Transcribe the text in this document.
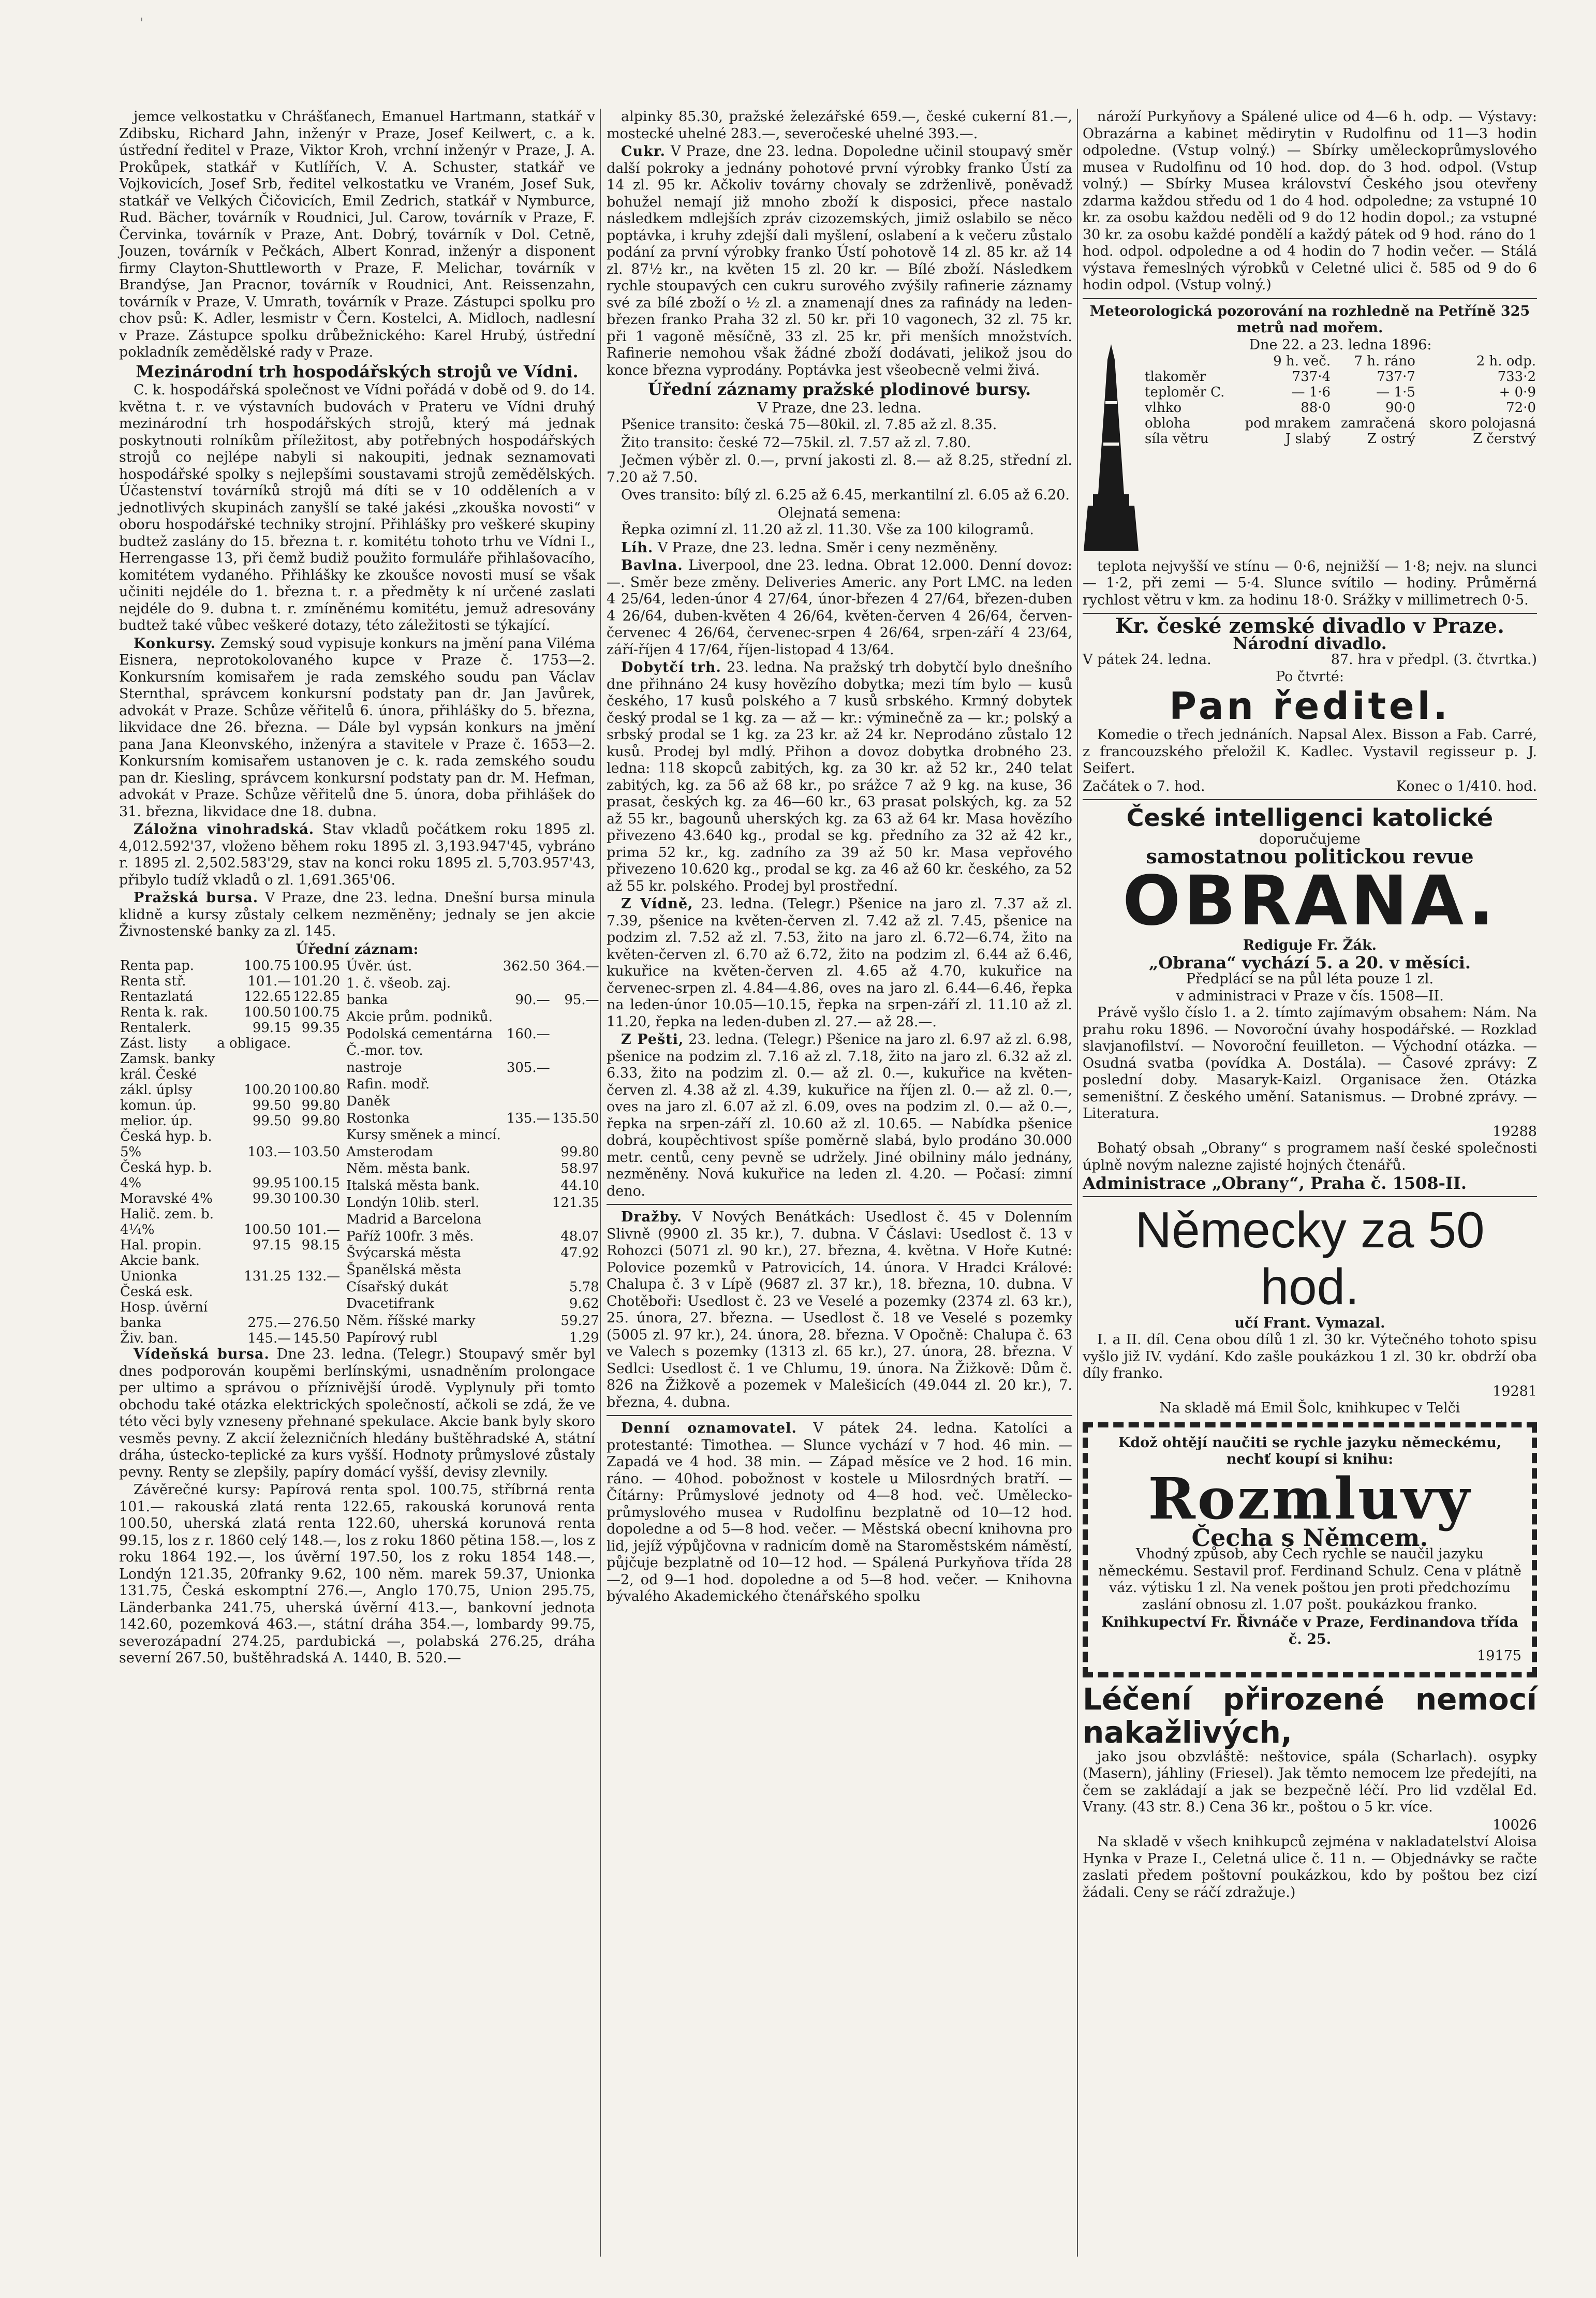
'

jemce velkostatku v Chrášťanech, Emanuel Hartmann, statkář v Zdibsku, Richard Jahn, inženýr v Praze, Josef Keilwert, c. a k. ústřední ředitel v Praze, Viktor Kroh, vrchní inženýr v Praze, J. A. Prokůpek, statkář v Kutlířích, V. A. Schuster, statkář ve Vojkovicích, Josef Srb, ředitel velkostatku ve Vraném, Josef Suk, statkář ve Velkých Čičovicích, Emil Zedrich, statkář v Nymburce, Rud. Bächer, továrník v Roudnici, Jul. Carow, továrník v Praze, F. Červinka, továrník v Praze, Ant. Dobrý, továrník v Dol. Cetně, Jouzen, továrník v Pečkách, Albert Konrad, inženýr a disponent firmy Clayton-Shuttleworth v Praze, F. Melichar, továrník v Brandýse, Jan Pracnor, továrník v Roudnici, Ant. Reissenzahn, továrník v Praze, V. Umrath, továrník v Praze. Zástupci spolku pro chov psů: K. Adler, lesmistr v Čern. Kostelci, A. Midloch, nadlesní v Praze. Zástupce spolku drůbežnického: Karel Hrubý, ústřední pokladník zemědělské rady v Praze.

Mezinárodní trh hospodářských strojů ve Vídni.

C. k. hospodářská společnost ve Vídni pořádá v době od 9. do 14. května t. r. ve výstavních budovách v Prateru ve Vídni druhý mezinárodní trh hospodářských strojů, který má jednak poskytnouti rolníkům příležitost, aby potřebných hospodářských strojů co nejlépe nabyli si nakoupiti, jednak seznamovati hospodářské spolky s nejlepšími soustavami strojů zemědělských. Účastenství továrníků strojů má díti se v 10 odděleních a v jednotlivých skupinách zanyšlí se také jakési „zkouška novosti“ v oboru hospodářské techniky strojní. Přihlášky pro veškeré skupiny budtež zaslány do 15. března t. r. komitétu tohoto trhu ve Vídni I., Herrengasse 13, při čemž budiž použito formuláře přihlašovacího, komitétem vydaného. Přihlášky ke zkoušce novosti musí se však učiniti nejdéle do 1. března t. r. a předměty k ní určené zaslati nejdéle do 9. dubna t. r. zmíněnému komitétu, jemuž adresovány budtež také vůbec veškeré dotazy, této záležitosti se týkající.

Konkursy. Zemský soud vypisuje konkurs na jmění pana Viléma Eisnera, neprotokolovaného kupce v Praze č. 1753—2. Konkursním komisařem je rada zemského soudu pan Václav Sternthal, správcem konkursní podstaty pan dr. Jan Javůrek, advokát v Praze. Schůze věřitelů 6. února, přihlášky do 5. března, likvidace dne 26. března. — Dále byl vypsán konkurs na jmění pana Jana Kleonvského, inženýra a stavitele v Praze č. 1653—2. Konkursním komisařem ustanoven je c. k. rada zemského soudu pan dr. Kiesling, správcem konkursní podstaty pan dr. M. Hefman, advokát v Praze. Schůze věřitelů dne 5. února, doba přihlášek do 31. března, likvidace dne 18. dubna.

Záložna vinohradská. Stav vkladů počátkem roku 1895 zl. 4,012.592'37, vloženo během roku 1895 zl. 3,193.947'45, vybráno r. 1895 zl. 2,502.583'29, stav na konci roku 1895 zl. 5,703.957'43, přibylo tudíž vkladů o zl. 1,691.365'06.

Pražská bursa. V Praze, dne 23. ledna. Dnešní bursa minula klidně a kursy zůstaly celkem nezměněny; jednaly se jen akcie Živnostenské banky za zl. 145.

Úřední záznam:
Renta pap.	100.75	100.95
Renta stř.	101.—	101.20
Rentazlatá	122.65	122.85
Renta k. rak.	100.50	100.75
Rentalerk.	99.15	99.35
Zást. listy	a obligace.	
Zamsk. banky		
král. České		
zákl. úplsy	100.20	100.80
komun. úp.	99.50	99.80
melior. úp.	99.50	99.80
Česká hyp. b.		
5%	103.—	103.50
Česká hyp. b.		
4%	99.95	100.15
Moravské 4%	99.30	100.30
Halič. zem. b.		
4¼%	100.50	101.—
Hal. propin.	97.15	98.15
Akcie bank.		
Unionka	131.25	132.—
Česká esk.		
Hosp. úvěrní		
banka	275.—	276.50
Živ. ban.	145.—	145.50
Úvěr. úst.	362.50	364.—
1. č. všeob. zaj.		
banka	90.—	95.—
Akcie prům. podniků.		
Podolská cementárna	160.—	
Č.-mor. tov.		
nastroje	305.—	
Rafin. modř.		
Daněk		
Rostonka	135.—	135.50
Kursy směnek a mincí.		
Amsterodam		99.80
Něm. města bank.		58.97
Italská města bank.		44.10
Londýn 10lib. sterl.		121.35
Madrid a Barcelona		
Paříž 100fr. 3 měs.		48.07
Švýcarská města		47.92
Španělská města		
Císařský dukát		5.78
Dvacetifrank		9.62
Něm. říšské marky		59.27
Papírový rubl		1.29

Vídeňská bursa. Dne 23. ledna. (Telegr.) Stoupavý směr byl dnes podporován koupěmi berlínskými, usnadněním prolongace per ultimo a správou o příznivější úrodě. Vyplynuly při tomto obchodu také otázka elektrických společností, ačkoli se zdá, že ve této věci byly vzneseny přehnané spekulace. Akcie bank byly skoro vesměs pevny. Z akcií železničních hledány buštěhradské A, státní dráha, ústecko-teplické za kurs vyšší. Hodnoty průmyslové zůstaly pevny. Renty se zlepšily, papíry domácí vyšší, devisy zlevnily.

Závěrečné kursy: Papírová renta spol. 100.75, stříbrná renta 101.— rakouská zlatá renta 122.65, rakouská korunová renta 100.50, uherská zlatá renta 122.60, uherská korunová renta 99.15, los z r. 1860 celý 148.—, los z roku 1860 pětina 158.—, los z roku 1864 192.—, los úvěrní 197.50, los z roku 1854 148.—, Londýn 121.35, 20franky 9.62, 100 něm. marek 59.37, Unionka 131.75, Česká eskomptní 276.—, Anglo 170.75, Union 295.75, Länderbanka 241.75, uherská úvěrní 413.—, bankovní jednota 142.60, pozemková 463.—, státní dráha 354.—, lombardy 99.75, severozápadní 274.25, pardubická —, polabská 276.25, dráha severní 267.50, buštěhradská A. 1440, B. 520.—

alpinky 85.30, pražské železářské 659.—, české cukerní 81.—, mostecké uhelné 283.—, severočeské uhelné 393.—.

Cukr. V Praze, dne 23. ledna. Dopoledne učinil stoupavý směr další pokroky a jednány pohotové první výrobky franko Ústí za 14 zl. 95 kr. Ačkoliv továrny chovaly se zdrženlivě, poněvadž bohužel nemají již mnoho zboží k disposici, přece nastalo následkem mdlejších zpráv cizozemských, jimiž oslabilo se něco poptávka, i kruhy zdejší dali myšlení, oslabení a k večeru zůstalo podání za první výrobky franko Ústí pohotově 14 zl. 85 kr. až 14 zl. 87½ kr., na květen 15 zl. 20 kr. — Bílé zboží. Následkem rychle stoupavých cen cukru surového zvýšily rafinerie záznamy své za bílé zboží o ½ zl. a znamenají dnes za rafinády na leden-březen franko Praha 32 zl. 50 kr. při 10 vagonech, 32 zl. 75 kr. při 1 vagoně měsíčně, 33 zl. 25 kr. při menších množstvích. Rafinerie nemohou však žádné zboží dodávati, jelikož jsou do konce března vyprodány. Poptávka jest všeobecně velmi živá.

Úřední záznamy pražské plodinové bursy.
V Praze, dne 23. ledna.

Pšenice transito: česká 75—80kil. zl. 7.85 až zl. 8.35.

Žito transito: české 72—75kil. zl. 7.57 až zl. 7.80.

Ječmen výběr zl. 0.—, první jakosti zl. 8.— až 8.25, střední zl. 7.20 až 7.50.

Oves transito: bílý zl. 6.25 až 6.45, merkantilní zl. 6.05 až 6.20.

Olejnatá semena:

Řepka ozimní zl. 11.20 až zl. 11.30. Vše za 100 kilogramů.

Líh. V Praze, dne 23. ledna. Směr i ceny nezměněny.

Bavlna. Liverpool, dne 23. ledna. Obrat 12.000. Denní dovoz: —. Směr beze změny. Deliveries Americ. any Port LMC. na leden 4 25/64, leden-únor 4 27/64, únor-březen 4 27/64, březen-duben 4 26/64, duben-květen 4 26/64, květen-červen 4 26/64, červen-červenec 4 26/64, červenec-srpen 4 26/64, srpen-září 4 23/64, září-říjen 4 17/64, říjen-listopad 4 13/64.

Dobytčí trh. 23. ledna. Na pražský trh dobytčí bylo dnešního dne přihnáno 24 kusy hovězího dobytka; mezi tím bylo — kusů českého, 17 kusů polského a 7 kusů srbského. Krmný dobytek český prodal se 1 kg. za — až — kr.: výminečně za — kr.; polský a srbský prodal se 1 kg. za 23 kr. až 24 kr. Neprodáno zůstalo 12 kusů. Prodej byl mdlý. Přihon a dovoz dobytka drobného 23. ledna: 118 skopců zabitých, kg. za 30 kr. až 52 kr., 240 telat zabitých, kg. za 56 až 68 kr., po srážce 7 až 9 kg. na kuse, 36 prasat, českých kg. za 46—60 kr., 63 prasat polských, kg. za 52 až 55 kr., bagounů uherských kg. za 63 až 64 kr. Masa hovězího přivezeno 43.640 kg., prodal se kg. předního za 32 až 42 kr., prima 52 kr., kg. zadního za 39 až 50 kr. Masa vepřového přivezeno 10.620 kg., prodal se kg. za 46 až 60 kr. českého, za 52 až 55 kr. polského. Prodej byl prostřední.

Z Vídně, 23. ledna. (Telegr.) Pšenice na jaro zl. 7.37 až zl. 7.39, pšenice na květen-červen zl. 7.42 až zl. 7.45, pšenice na podzim zl. 7.52 až zl. 7.53, žito na jaro zl. 6.72—6.74, žito na květen-červen zl. 6.70 až 6.72, žito na podzim zl. 6.44 až 6.46, kukuřice na květen-červen zl. 4.65 až 4.70, kukuřice na červenec-srpen zl. 4.84—4.86, oves na jaro zl. 6.44—6.46, řepka na leden-únor 10.05—10.15, řepka na srpen-září zl. 11.10 až zl. 11.20, řepka na leden-duben zl. 27.— až 28.—.

Z Pešti, 23. ledna. (Telegr.) Pšenice na jaro zl. 6.97 až zl. 6.98, pšenice na podzim zl. 7.16 až zl. 7.18, žito na jaro zl. 6.32 až zl. 6.33, žito na podzim zl. 0.— až zl. 0.—, kukuřice na květen-červen zl. 4.38 až zl. 4.39, kukuřice na říjen zl. 0.— až zl. 0.—, oves na jaro zl. 6.07 až zl. 6.09, oves na podzim zl. 0.— až 0.—, řepka na srpen-září zl. 10.60 až zl. 10.65. — Nabídka pšenice dobrá, koupěchtivost spíše poměrně slabá, bylo prodáno 30.000 metr. centů, ceny pevně se udržely. Jiné obilniny málo jednány, nezměněny. Nová kukuřice na leden zl. 4.20. — Počasí: zimní deno.

Dražby. V Nových Benátkách: Usedlost č. 45 v Dolenním Slivně (9900 zl. 35 kr.), 7. dubna. V Čáslavi: Usedlost č. 13 v Rohozci (5071 zl. 90 kr.), 27. března, 4. května. V Hoře Kutné: Polovice pozemků v Patrovicích, 14. února. V Hradci Králové: Chalupa č. 3 v Lípě (9687 zl. 37 kr.), 18. března, 10. dubna. V Chotěboři: Usedlost č. 23 ve Veselé a pozemky (2374 zl. 63 kr.), 25. února, 27. března. — Usedlost č. 18 ve Veselé s pozemky (5005 zl. 97 kr.), 24. února, 28. března. V Opočně: Chalupa č. 63 ve Valech s pozemky (1313 zl. 65 kr.), 27. února, 28. března. V Sedlci: Usedlost č. 1 ve Chlumu, 19. února. Na Žižkově: Dům č. 826 na Žižkově a pozemek v Malešicích (49.044 zl. 20 kr.), 7. března, 4. dubna.

Denní oznamovatel. V pátek 24. ledna. Katolíci a protestanté: Timothea. — Slunce vychází v 7 hod. 46 min. — Zapadá ve 4 hod. 38 min. — Západ měsíce ve 2 hod. 16 min. ráno. — 40hod. pobožnost v kostele u Milosrdných bratří. — Čítárny: Průmyslové jednoty od 4—8 hod. več. Umělecko-průmyslového musea v Rudolfinu bezplatně od 10—12 hod. dopoledne a od 5—8 hod. večer. — Městská obecní knihovna pro lid, jejíž výpůjčovna v radnicím domě na Staroměstském náměstí, půjčuje bezplatně od 10—12 hod. — Spálená Purkyňova třída 28—2, od 9—1 hod. dopoledne a od 5—8 hod. večer. — Knihovna bývalého Akademického čtenářského spolku

nároží Purkyňovy a Spálené ulice od 4—6 h. odp. — Výstavy: Obrazárna a kabinet mědirytin v Rudolfinu od 11—3 hodin odpoledne. (Vstup volný.) — Sbírky uměleckoprůmyslového musea v Rudolfinu od 10 hod. dop. do 3 hod. odpol. (Vstup volný.) — Sbírky Musea království Českého jsou otevřeny zdarma každou středu od 1 do 4 hod. odpoledne; za vstupné 10 kr. za osobu každou neděli od 9 do 12 hodin dopol.; za vstupné 30 kr. za osobu každé pondělí a každý pátek od 9 hod. ráno do 1 hod. odpol. odpoledne a od 4 hodin do 7 hodin večer. — Stálá výstava řemeslných výrobků v Celetné ulici č. 585 od 9 do 6 hodin odpol. (Vstup volný.)

Meteorologická pozorování na rozhledně na Petříně 325 metrů nad mořem.
Dne 22. a 23. ledna 1896:
	9 h. več.	7 h. ráno	2 h. odp.
tlakoměr	737·4	737·7	733·2
teploměr C.	— 1·6	— 1·5	+ 0·9
vlhko	88·0	90·0	72·0
obloha	pod mrakem	zamračená	skoro polojasná
síla větru	J slabý	Z ostrý	Z čerstvý

teplota nejvyšší ve stínu — 0·6, nejnižší — 1·8; nejv. na slunci — 1·2, při zemi — 5·4. Slunce svítilo — hodiny. Průměrná rychlost větru v km. za hodinu 18·0. Srážky v millimetrech 0·5.

Kr. české zemské divadlo v Praze.
Národní divadlo.
V pátek 24. ledna.	87. hra v předpl. (3. čtvrtka.)
Po čtvrté:
Pan ředitel.

Komedie o třech jednáních. Napsal Alex. Bisson a Fab. Carré, z francouzského přeložil K. Kadlec. Vystavil regisseur p. J. Seifert.

Začátek o 7. hod.	Konec o 1/410. hod.
České intelligenci katolické
doporučujeme
samostatnou politickou revue
OBRANA.
Rediguje Fr. Žák.
„Obrana“ vychází 5. a 20. v měsíci.
Předplácí se na půl léta pouze 1 zl.
v administraci v Praze v čís. 1508—II.

Právě vyšlo číslo 1. a 2. tímto zajímavým obsahem: Nám. Na prahu roku 1896. — Novoroční úvahy hospodářské. — Rozklad slavjanofilství. — Novoroční feuilleton. — Východní otázka. — Osudná svatba (povídka A. Dostála). — Časové zprávy: Z poslední doby. Masaryk-Kaizl. Organisace žen. Otázka semeništní. Z českého umění. Satanismus. — Drobné zprávy. — Literatura.

19288

Bohatý obsah „Obrany“ s programem naší české společnosti úplně novým nalezne zajisté hojných čtenářů.

Administrace „Obrany“, Praha č. 1508-II.
Německy za 50 hod.
učí Frant. Vymazal.

I. a II. díl. Cena obou dílů 1 zl. 30 kr. Výtečného tohoto spisu vyšlo již IV. vydání. Kdo zašle poukázkou 1 zl. 30 kr. obdrží oba díly franko.

19281
Na skladě má Emil Šolc, knihkupec v Telči
Kdož ohtějí naučiti se rychle jazyku německému, nechť koupí si knihu:
Rozmluvy
Čecha s Němcem.

Vhodný způsob, aby Čech rychle se naučil jazyku německému. Sestavil prof. Ferdinand Schulz. Cena v plátně váz. výtisku 1 zl. Na venek poštou jen proti předchozímu zaslání obnosu zl. 1.07 pošt. poukázkou franko.

Knihkupectví Fr. Řivnáče v Praze, Ferdinandova třída č. 25.
19175
Léčení přirozené nemocí nakažlivých,

jako jsou obzvláště: neštovice, spála (Scharlach). osypky (Masern), jáhliny (Friesel). Jak těmto nemocem lze předejíti, na čem se zakládají a jak se bezpečně léčí. Pro lid vzdělal Ed. Vrany. (43 str. 8.) Cena 36 kr., poštou o 5 kr. více.

10026

Na skladě v všech knihkupců zejména v nakladatelství Aloisa Hynka v Praze I., Celetná ulice č. 11 n. — Objednávky se račte zaslati předem poštovní poukázkou, kdo by poštou bez cizí žádali. Ceny se ráčí zdražuje.)
